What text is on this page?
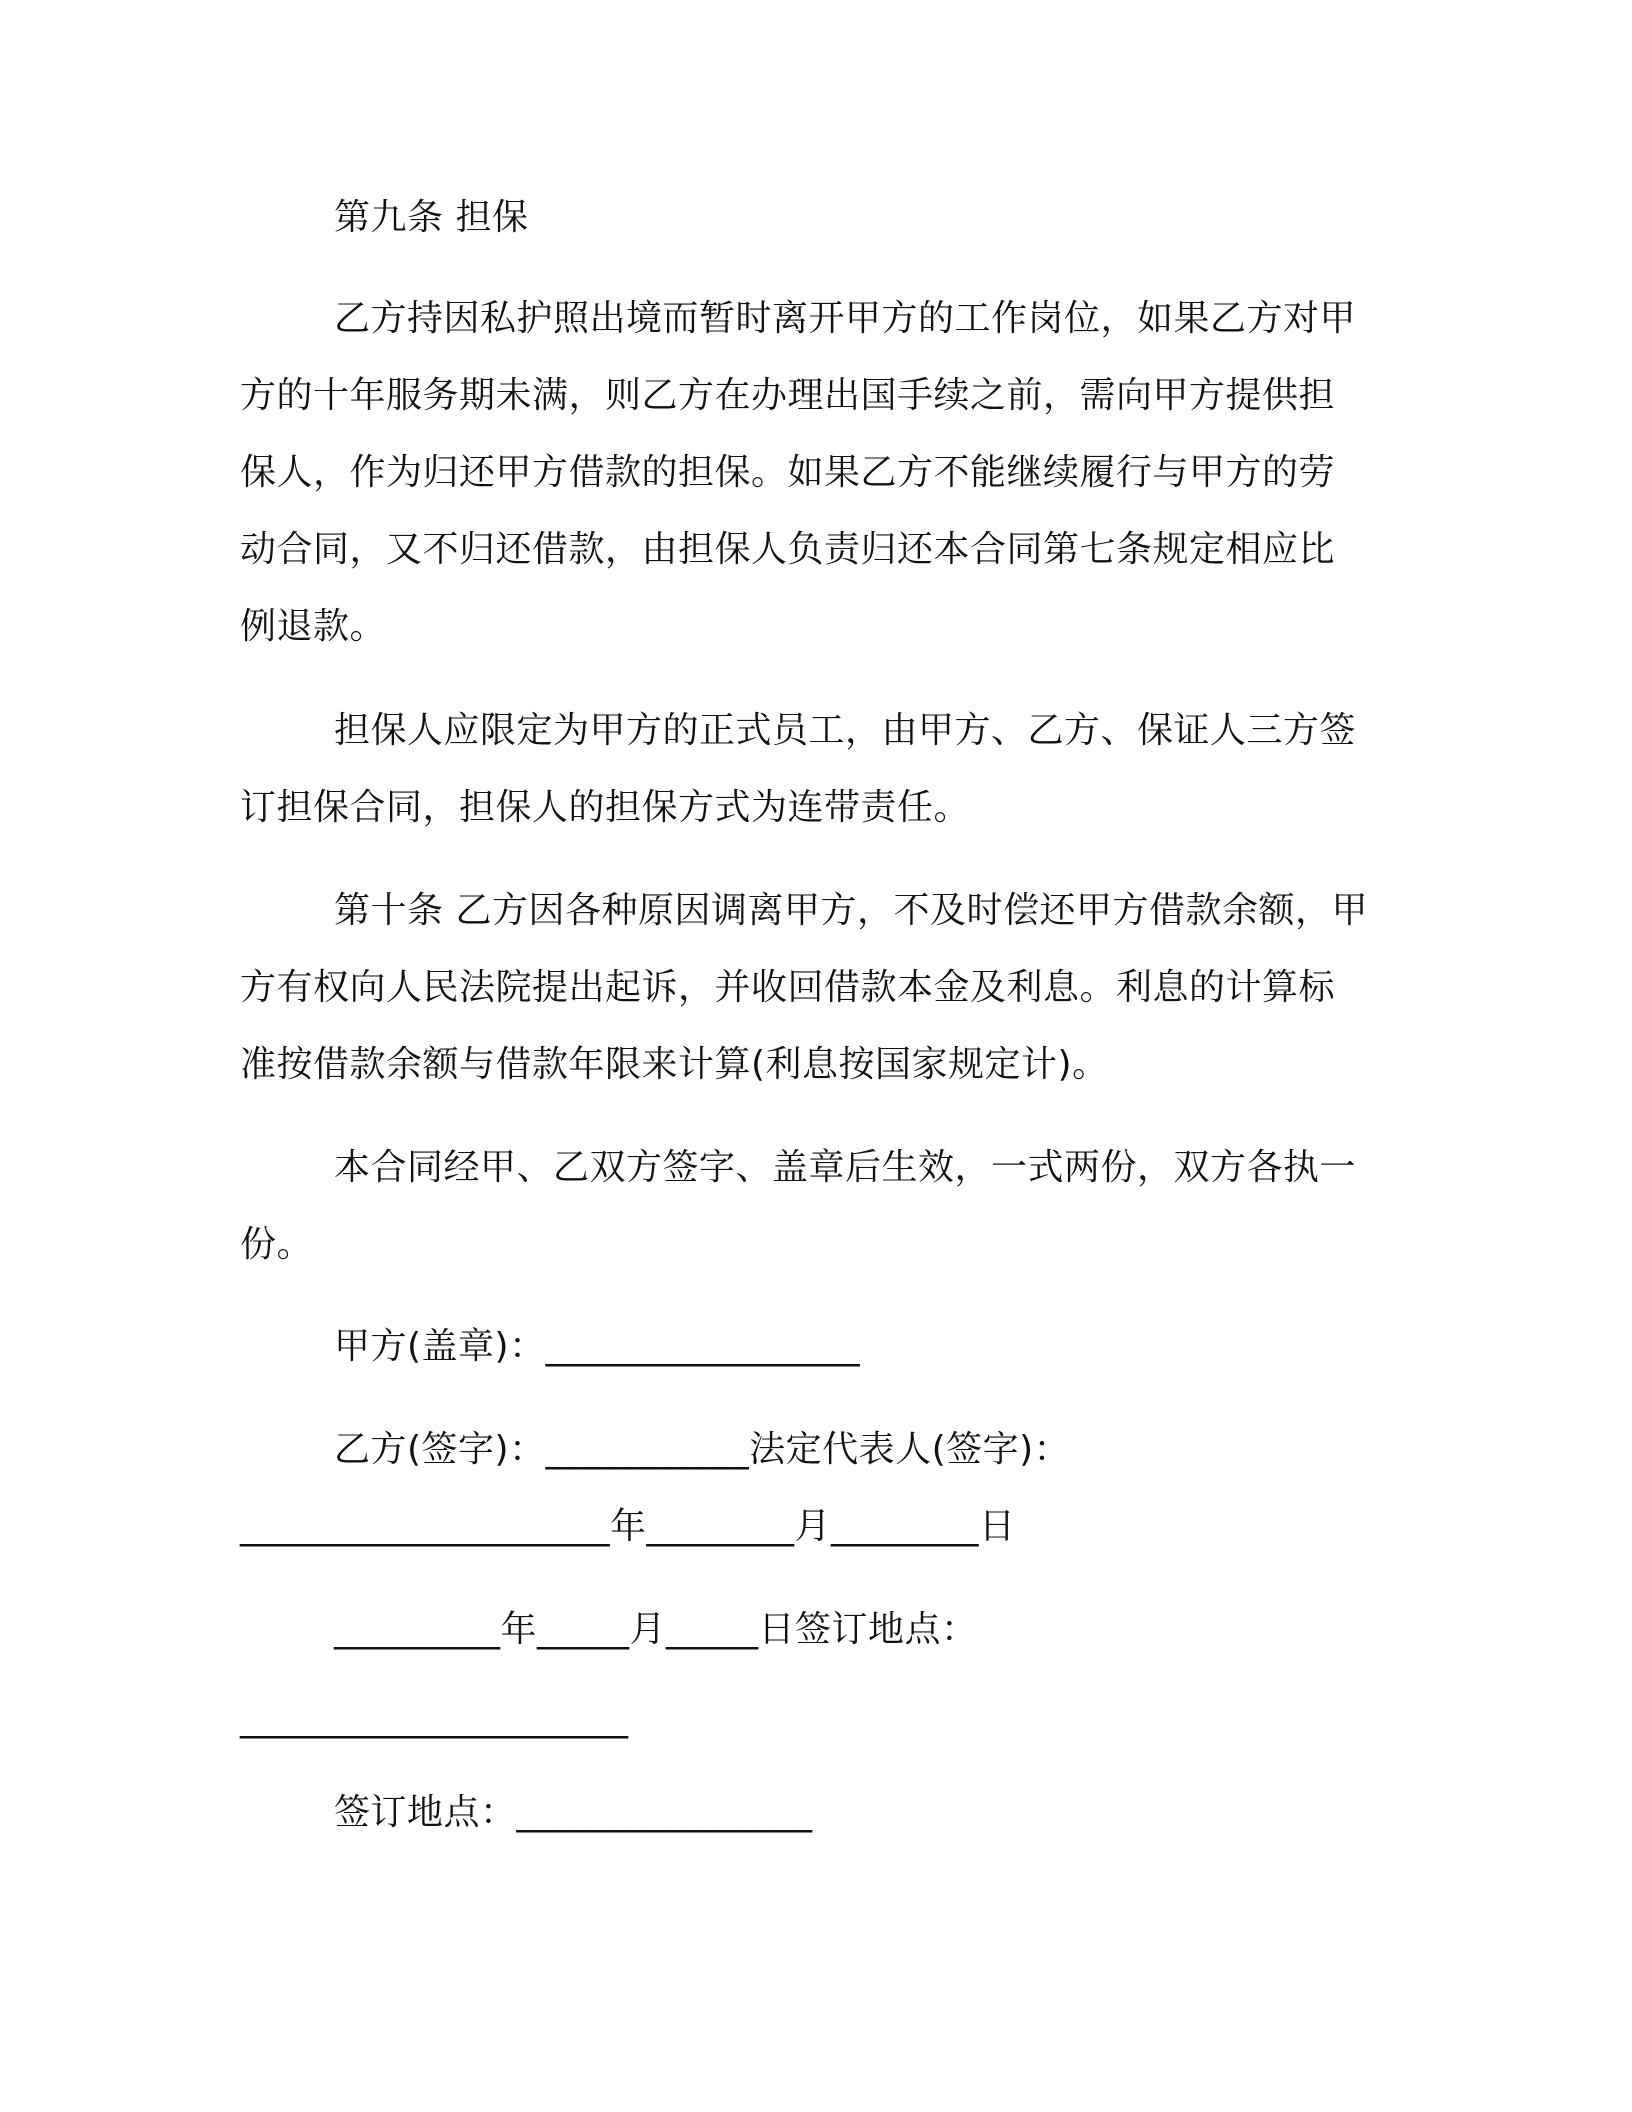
第九条 担保

乙方持因私护照出境而暂时离开甲方的工作岗位，如果乙方对甲

方的十年服务期未满，则乙方在办理出国手续之前，需向甲方提供担

保人，作为归还甲方借款的担保。如果乙方不能继续履行与甲方的劳

动合同，又不归还借款，由担保人负责归还本合同第七条规定相应比

例退款。

担保人应限定为甲方的正式员工，由甲方、乙方、保证人三方签

订担保合同，担保人的担保方式为连带责任。

第十条 乙方因各种原因调离甲方，不及时偿还甲方借款余额，甲

方有权向人民法院提出起诉，并收回借款本金及利息。利息的计算标

准按借款余额与借款年限来计算(利息按国家规定计)。

本合同经甲、乙双方签字、盖章后生效，一式两份，双方各执一

份。

甲方(盖章)：_________________

乙方(签字)：___________法定代表人(签字)：

____________________年________月________日

_________年_____月_____日签订地点：

_____________________

签订地点：________________
